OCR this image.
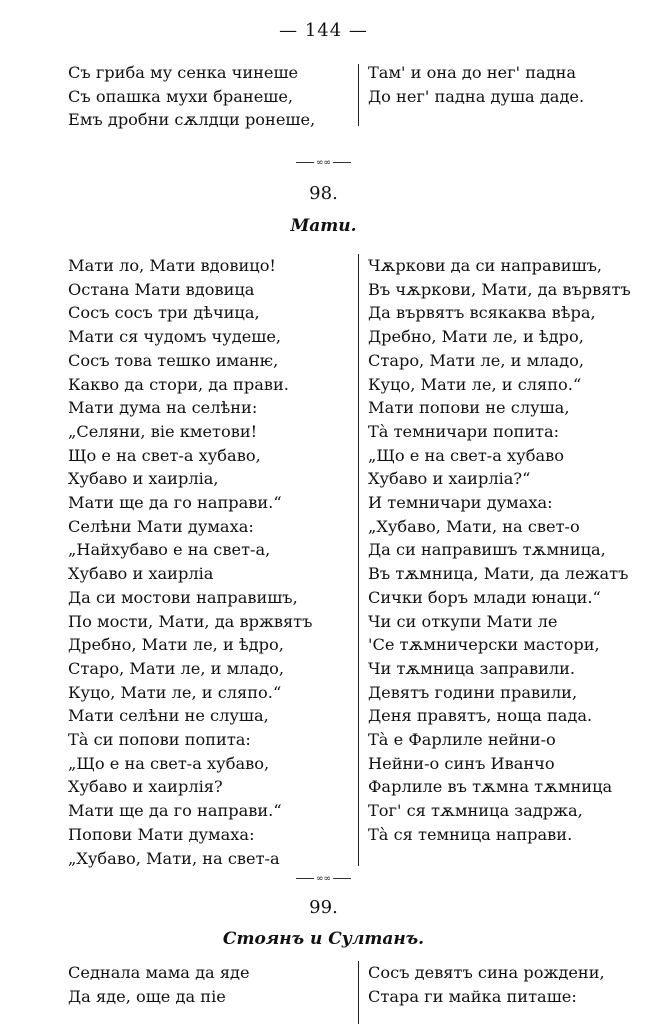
— 144 —
Съ гриба му сенка чинеше
Съ опашка мухи бранеше,
Емъ дробни сѫлдци ронеше,
Там' и она до нег' падна
До нег' падна душа даде.
∞∞
98.
Мати.
Мати ло, Мати вдовицо!
Остана Мати вдовица
Сосъ сосъ три дѣчица,
Мати ся чудомъ чудеше,
Сосъ това тешко иманѥ,
Какво да стори, да прави.
Мати дума на селѣни:
„Селяни, віе кметови!
Що е на свет-а хубаво,
Хубаво и хаирліа,
Мати ще да го направи.“
Селѣни Мати думаха:
„Найхубаво е на свет-а,
Хубаво и хаирліа
Да си мостови направишъ,
По мости, Мати, да вржвятъ
Дребно, Мати ле, и ѣдро,
Старо, Мати ле, и младо,
Куцо, Мати ле, и сляпо.“
Мати селѣни не слуша,
Тà си попови попита:
„Що е на свет-а хубаво,
Хубаво и хаирлія?
Мати ще да го направи.“
Попови Мати думаха:
„Хубаво, Мати, на свет-а
Чѫркови да си направишъ,
Въ чѫркови, Мати, да вървятъ
Да вървятъ всякаква вѣра,
Дребно, Мати ле, и ѣдро,
Старо, Мати ле, и младо,
Куцо, Мати ле, и сляпо.“
Мати попови не слуша,
Тà темничари попита:
„Що е на свет-а хубаво
Хубаво и хаирліа?“
И темничари думаха:
„Хубаво, Мати, на свет-о
Да си направишъ тѫмница,
Въ тѫмница, Мати, да лежатъ
Сички боръ млади юнаци.“
Чи си откупи Мати ле
'Се тѫмничерски мастори,
Чи тѫмница заправили.
Девятъ години правили,
Деня правятъ, ноща пада.
Тà е Фарлиле нейни-о
Нейни-о синъ Иванчо
Фарлиле въ тѫмна тѫмница
Тог' ся тѫмница задржа,
Тà ся темница направи.
∞∞
99.
Стоянъ и Султанъ.
Седнала мама да яде
Да яде, още да піе
Сосъ девятъ сина рождени,
Стара ги майка питаше:
